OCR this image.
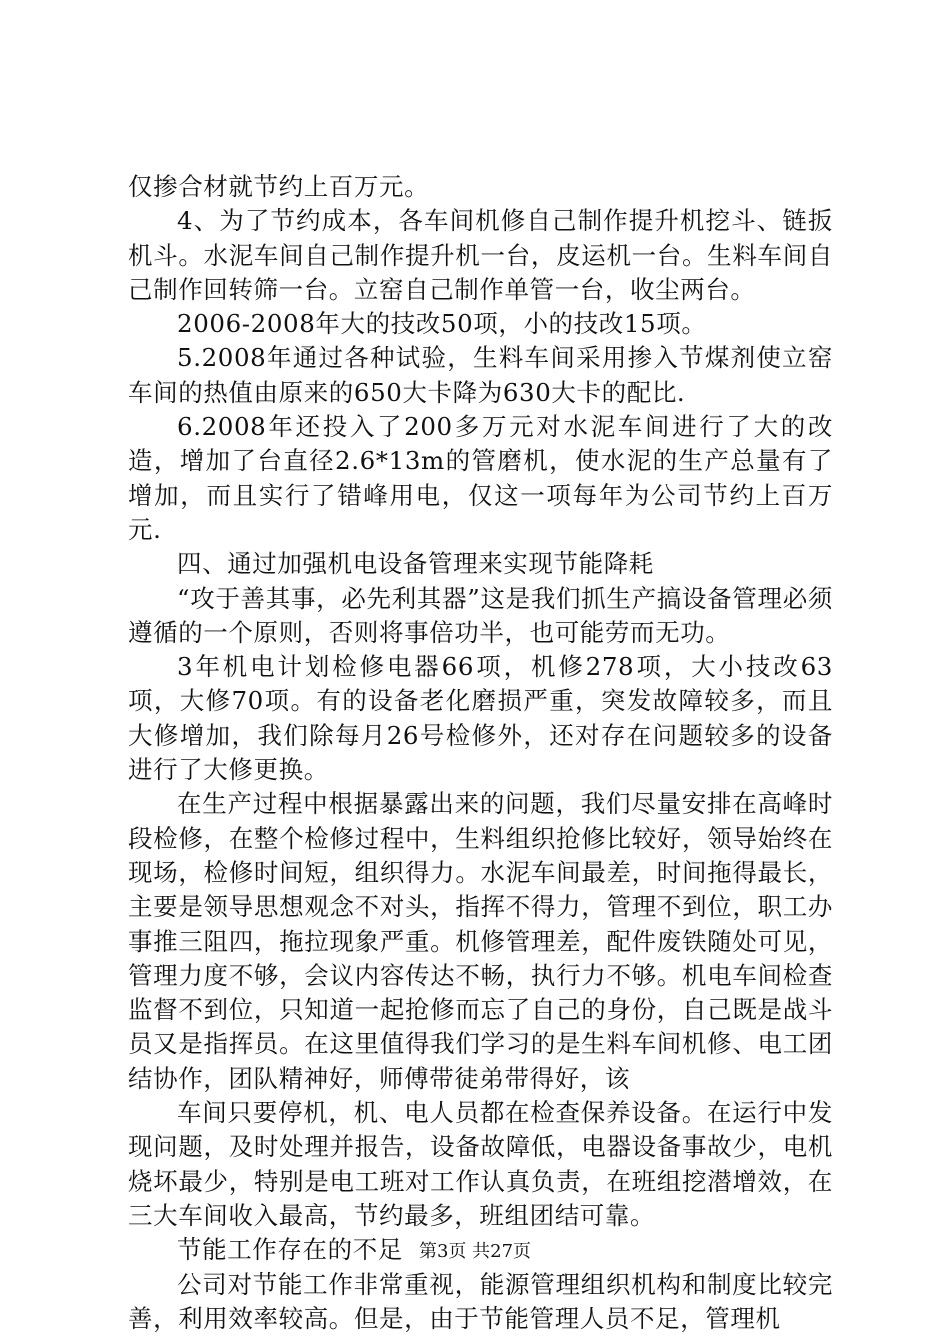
仅掺合材就节约上百万元。

4、为了节约成本，各车间机修自己制作提升机挖斗、链扳机斗。水泥车间自己制作提升机一台，皮运机一台。生料车间自己制作回转筛一台。立窑自己制作单管一台，收尘两台。

2006-2008年大的技改50项，小的技改15项。

5.2008年通过各种试验，生料车间采用掺入节煤剂使立窑车间的热值由原来的650大卡降为630大卡的配比.

6.2008年还投入了200多万元对水泥车间进行了大的改造，增加了台直径2.6*13m的管磨机，使水泥的生产总量有了增加，而且实行了错峰用电，仅这一项每年为公司节约上百万元.

四、通过加强机电设备管理来实现节能降耗

“攻于善其事，必先利其器”这是我们抓生产搞设备管理必须遵循的一个原则，否则将事倍功半，也可能劳而无功。

3年机电计划检修电器66项，机修278项，大小技改63项，大修70项。有的设备老化磨损严重，突发故障较多，而且大修增加，我们除每月26号检修外，还对存在问题较多的设备进行了大修更换。

在生产过程中根据暴露出来的问题，我们尽量安排在高峰时段检修，在整个检修过程中，生料组织抢修比较好，领导始终在现场，检修时间短，组织得力。水泥车间最差，时间拖得最长，主要是领导思想观念不对头，指挥不得力，管理不到位，职工办事推三阻四，拖拉现象严重。机修管理差，配件废铁随处可见，管理力度不够，会议内容传达不畅，执行力不够。机电车间检查监督不到位，只知道一起抢修而忘了自己的身份，自己既是战斗员又是指挥员。在这里值得我们学习的是生料车间机修、电工团结协作，团队精神好，师傅带徒弟带得好，该

车间只要停机，机、电人员都在检查保养设备。在运行中发现问题，及时处理并报告，设备故障低，电器设备事故少，电机烧坏最少，特别是电工班对工作认真负责，在班组挖潜增效，在三大车间收入最高，节约最多，班组团结可靠。

节能工作存在的不足

公司对节能工作非常重视，能源管理组织机构和制度比较完善，利用效率较高。但是，由于节能管理人员不足，管理机

第3页 共27页
